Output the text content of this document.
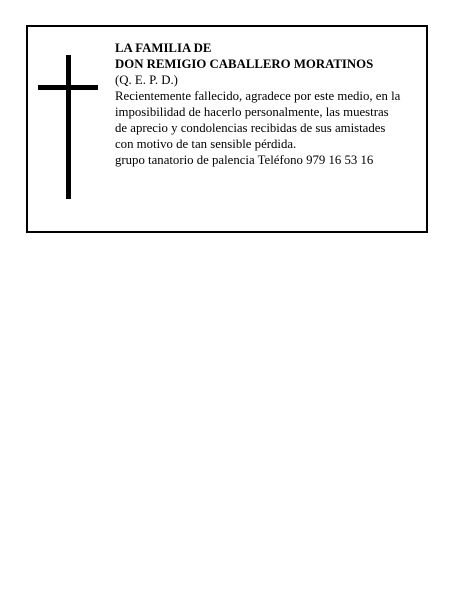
LA FAMILIA DE
DON REMIGIO CABALLERO MORATINOS
(Q. E. P. D.)
Recientemente fallecido, agradece por este medio, en la
imposibilidad de hacerlo personalmente, las muestras
de aprecio y condolencias recibidas de sus amistades
con motivo de tan sensible pérdida.
grupo tanatorio de palencia Teléfono 979 16 53 16
